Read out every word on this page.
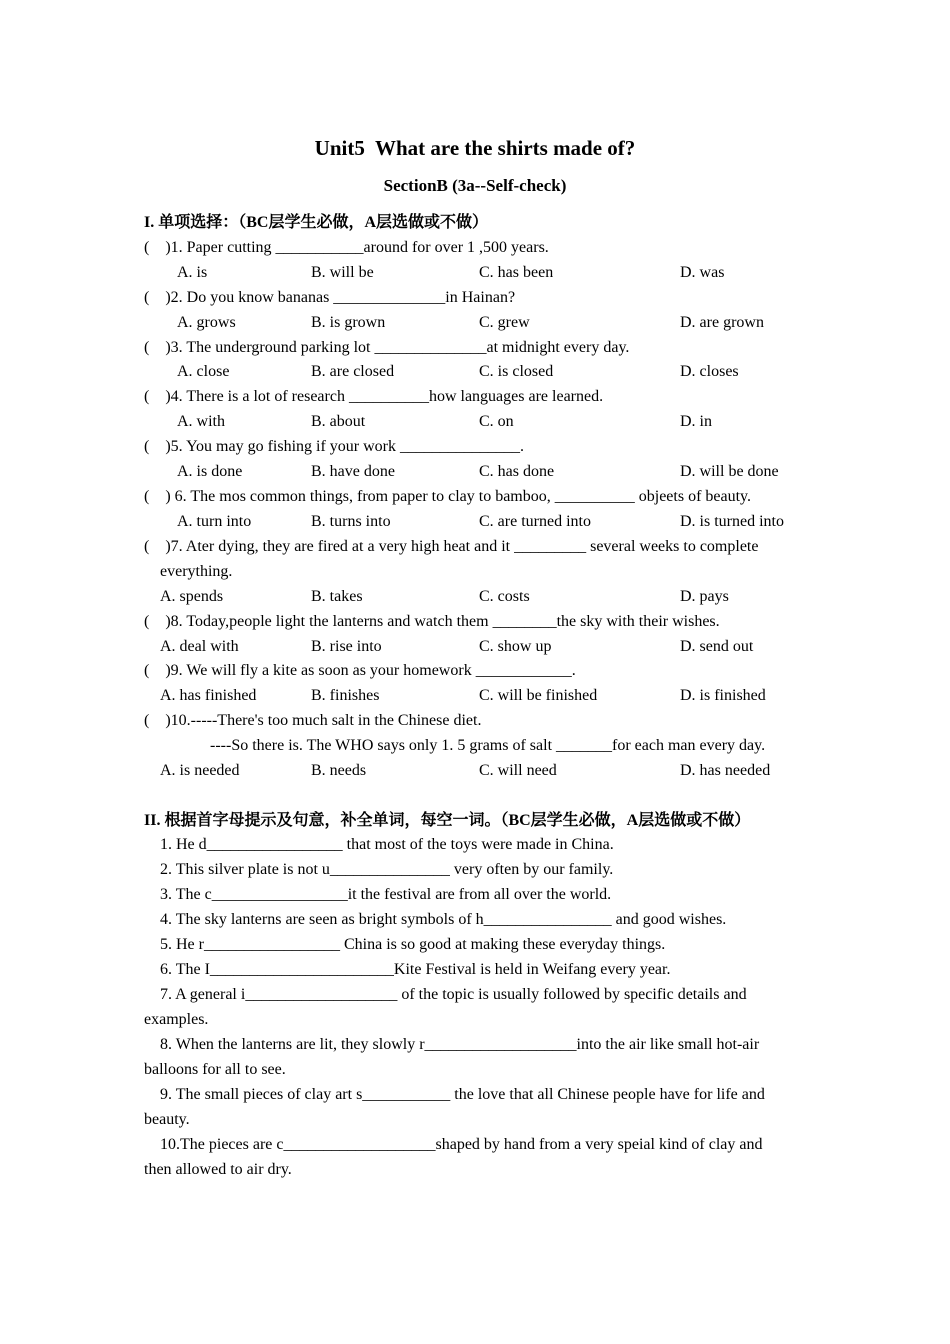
Unit5  What are the shirts made of?
SectionB (3a--Self-check)
I. 单项选择：（BC层学生必做，A层选做或不做）
(    )1. Paper cutting ___________around for over 1 ,500 years.
A. is	B. will be	C. has been	D. was
(    )2. Do you know bananas ______________in Hainan?
A. grows	B. is grown	C. grew	D. are grown
(    )3. The underground parking lot ______________at midnight every day.
A. close	B. are closed	C. is closed	D. closes
(    )4. There is a lot of research __________how languages are learned.
A. with	B. about	C. on	D. in
(    )5. You may go fishing if your work _______________.
A. is done	B. have done	C. has done	D. will be done
(    ) 6. The mos common things, from paper to clay to bamboo, __________ objeets of beauty.
A. turn into	B. turns into	C. are turned into	D. is turned into
(    )7. Ater dying, they are fired at a very high heat and it _________ several weeks to complete
everything.
A. spends	B. takes	C. costs	D. pays
(    )8. Today,people light the lanterns and watch them ________the sky with their wishes.
A. deal with	B. rise into	C. show up	D. send out
(    )9. We will fly a kite as soon as your homework ____________.
A. has finished	B. finishes	C. will be finished	D. is finished
(    )10.-----There's too much salt in the Chinese diet.
----So there is. The WHO says only 1. 5 grams of salt _______for each man every day.
A. is needed	B. needs	C. will need	D. has needed
II. 根据首字母提示及句意，补全单词，每空一词。（BC层学生必做，A层选做或不做）
1. He d_________________ that most of the toys were made in China.
2. This silver plate is not u_______________ very often by our family.
3. The c_________________it the festival are from all over the world.
4. The sky lanterns are seen as bright symbols of h________________ and good wishes.
5. He r_________________ China is so good at making these everyday things.
6. The I_______________________Kite Festival is held in Weifang every year.
7. A general i___________________ of the topic is usually followed by specific details and
examples.
8. When the lanterns are lit, they slowly r___________________into the air like small hot-air
balloons for all to see.
9. The small pieces of clay art s___________ the love that all Chinese people have for life and
beauty.
10.The pieces are c___________________shaped by hand from a very speial kind of clay and
then allowed to air dry.
